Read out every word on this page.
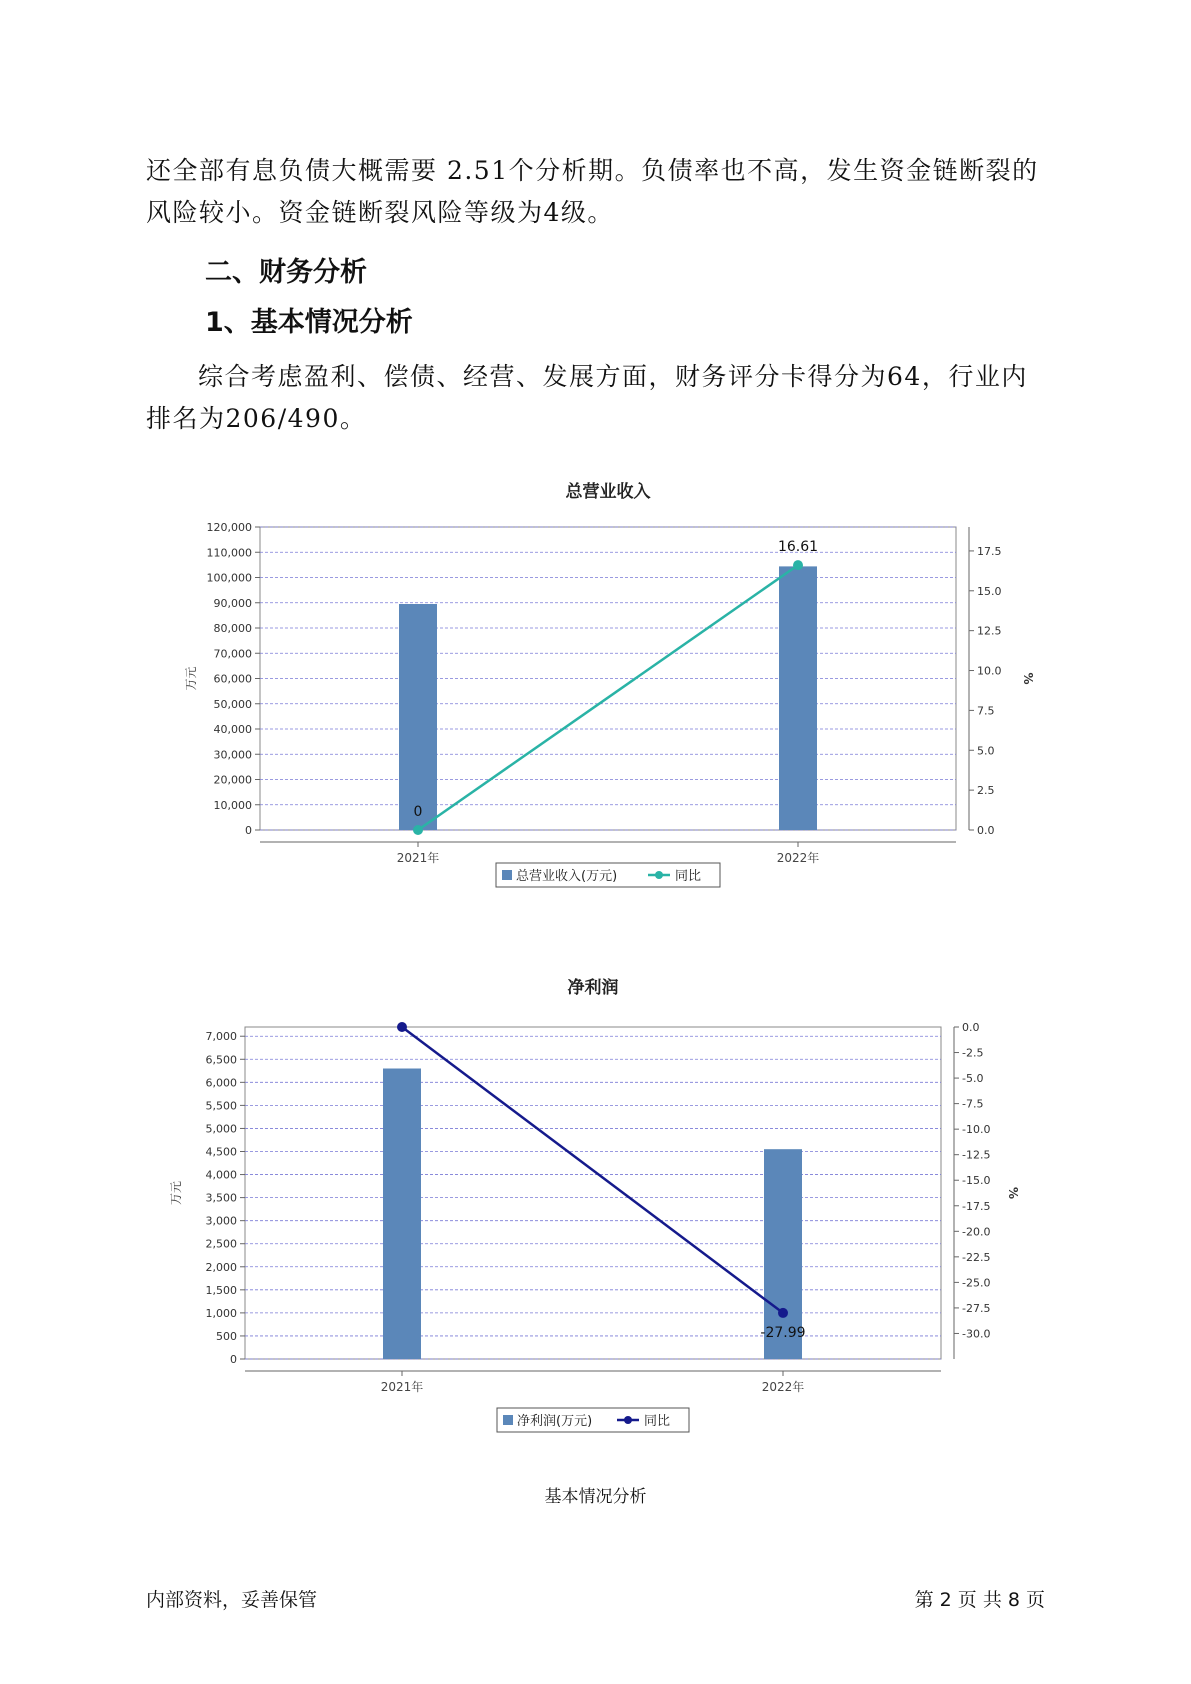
还全部有息负债大概需要 2.51个分析期。负债率也不高，发生资金链断裂的风险较小。资金链断裂风险等级为4级。

二、财务分析
1、基本情况分析

综合考虑盈利、偿债、经营、发展方面，财务评分卡得分为64，行业内排名为206/490。

总营业收入
0
10,000
20,000
30,000
40,000
50,000
60,000
70,000
80,000
90,000
100,000
110,000
120,000
0.0
2.5
5.0
7.5
10.0
12.5
15.0
17.5
万元	%
2021年	2022年
0
16.61
总营业收入(万元)	同比
净利润
0
500
1,000
1,500
2,000
2,500
3,000
3,500
4,000
4,500
5,000
5,500
6,000
6,500
7,000
0.0
-2.5
-5.0
-7.5
-10.0
-12.5
-15.0
-17.5
-20.0
-22.5
-25.0
-27.5
-30.0
万元	%
2021年	2022年
-27.99
净利润(万元)	同比
基本情况分析
内部资料，妥善保管	第 2 页 共 8 页
